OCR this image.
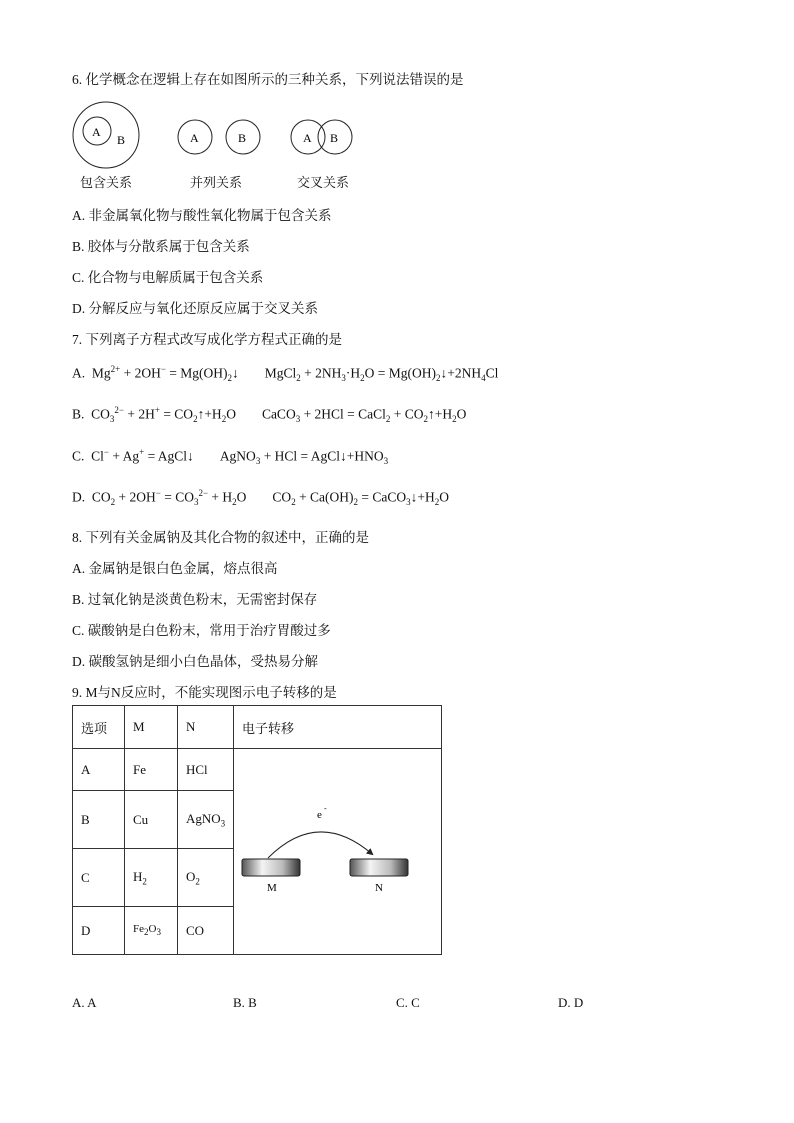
6. 化学概念在逻辑上存在如图所示的三种关系，下列说法错误的是
A
B	A	B	A B
包含关系	并列关系	交叉关系
A. 非金属氧化物与酸性氧化物属于包含关系
B. 胶体与分散系属于包含关系
C. 化合物与电解质属于包含关系
D. 分解反应与氧化还原反应属于交叉关系
7. 下列离子方程式改写成化学方程式正确的是
A.  $Mg^{2+} + 2OH^-$ = $Mg(OH)_2↓$ MgCl$_2$ + $2NH_3\cdot H_2O$ = $Mg(OH)_2↓+2NH_4Cl$
B.  $CO_3^{2-} + 2H^+$ = $CO_2↑+H_2O$ CaCO$_3$ + 2HCl = CaCl$_2$ + $CO_2↑+H_2O$
C.  Cl− + Ag+ = AgCl↓ AgNO$_3$ + HCl = $AgCl↓+HNO_3$
D.  $CO_2 + 2OH^- = CO_3^{2-} + H_2O$ $CO_2 + Ca(OH)_2$ = $CaCO_3↓+H_2O$
8. 下列有关金属钠及其化合物的叙述中，正确的是
A. 金属钠是银白色金属，熔点很高
B. 过氧化钠是淡黄色粉末，无需密封保存
C. 碳酸钠是白色粉末，常用于治疗胃酸过多
D. 碳酸氢钠是细小白色晶体，受热易分解
9. M与N反应时，不能实现图示电子转移的是
选项	M	N	电子转移
A	Fe	HCl	
B	Cu	AgNO$_3$
C	$H_2$	$O_2$
D	$Fe_2O_3$	CO	
e
-
M	N
A. A	B. B	C. C	D. D
